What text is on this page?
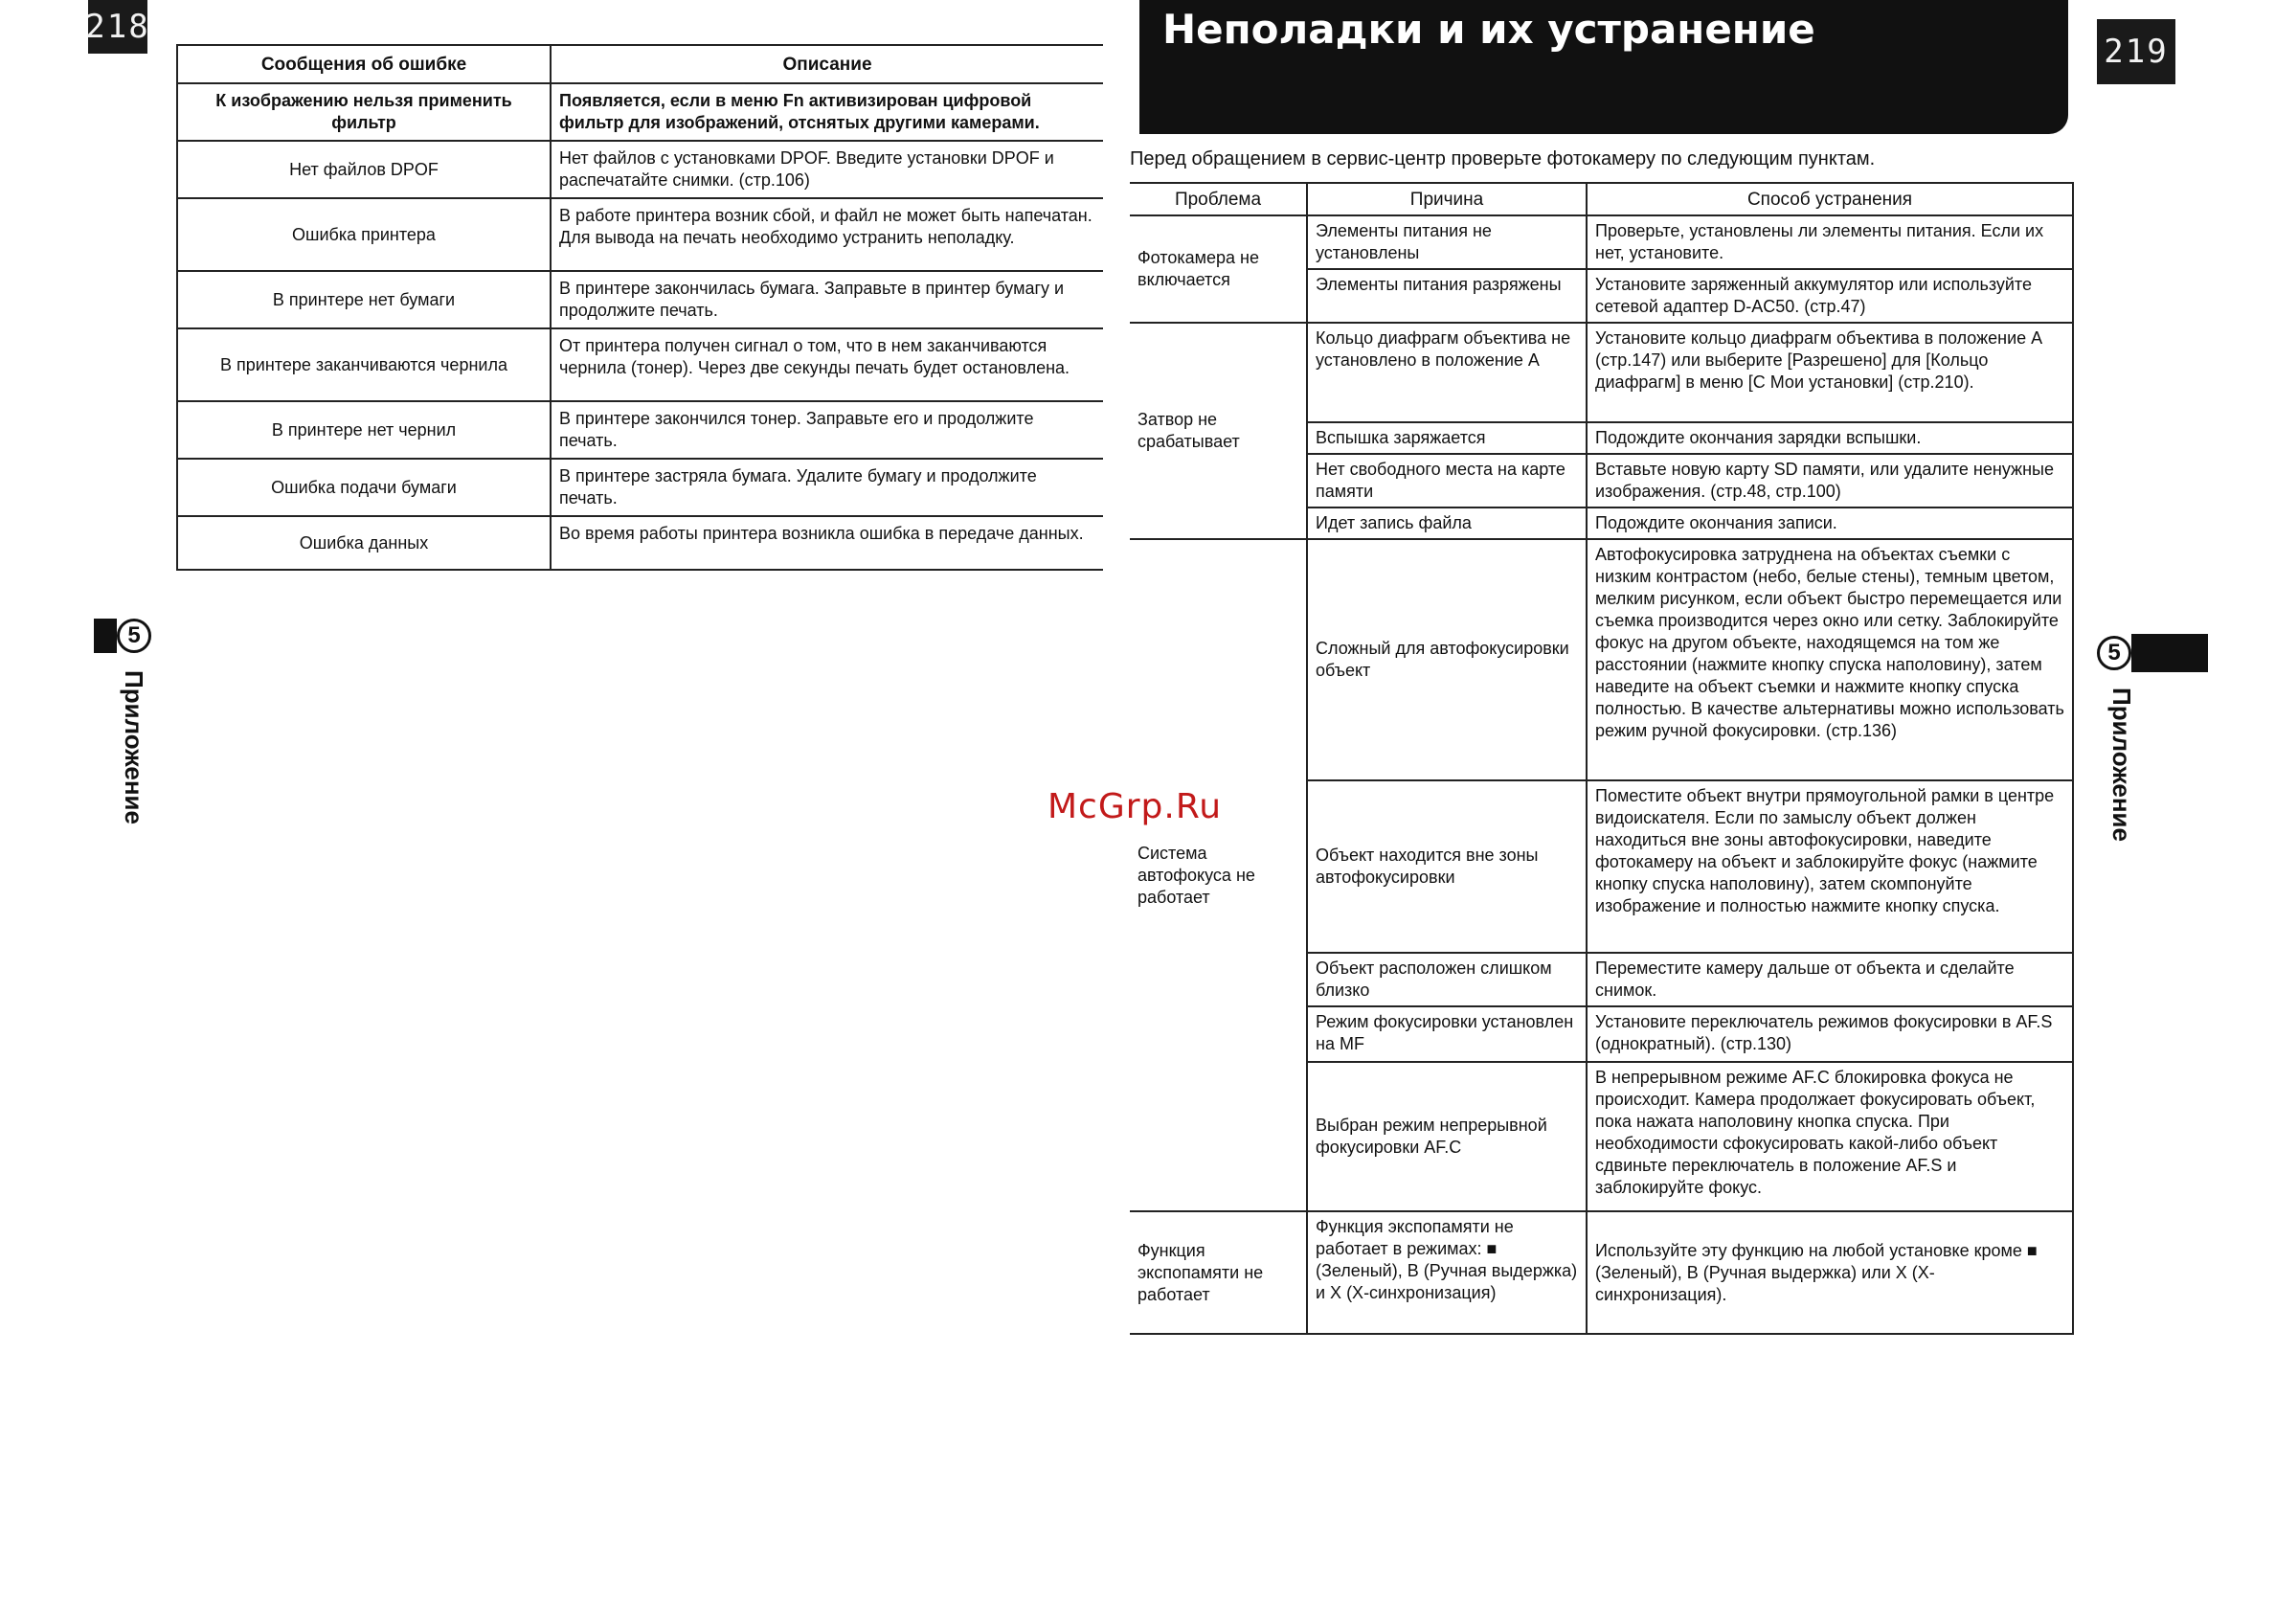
218
219
Сообщения об ошибке	Описание
К изображению нельзя применить фильтр	Появляется, если в меню Fn активизирован цифровой фильтр для изображений, отснятых другими камерами.
Нет файлов DPOF	Нет файлов с установками DPOF. Введите установки DPOF и распечатайте снимки. (стр.106)
Ошибка принтера	В работе принтера возник сбой, и файл не может быть напечатан. Для вывода на печать необходимо устранить неполадку.
В принтере нет бумаги	В принтере закончилась бумага. Заправьте в принтер бумагу и продолжите печать.
В принтере заканчиваются чернила	От принтера получен сигнал о том, что в нем заканчиваются чернила (тонер). Через две секунды печать будет остановлена.
В принтере нет чернил	В принтере закончился тонер. Заправьте его и продолжите печать.
Ошибка подачи бумаги	В принтере застряла бумага. Удалите бумагу и продолжите печать.
Ошибка данных	Во время работы принтера возникла ошибка в передаче данных.
Неполадки и их устранение
Перед обращением в сервис-центр проверьте фотокамеру по следующим пунктам.
Проблема	Причина	Способ устранения
Фотокамера не включается	Элементы питания не установлены	Проверьте, установлены ли элементы питания. Если их нет, установите.
	Элементы питания разряжены	Установите заряженный аккумулятор или используйте сетевой адаптер D-AC50. (стр.47)
Затвор не срабатывает	Кольцо диафрагм объектива не установлено в положение A	Установите кольцо диафрагм объектива в положение A (стр.147) или выберите [Разрешено] для [Кольцо диафрагм] в меню [C Мои установки] (стр.210).
	Вспышка заряжается	Подождите окончания зарядки вспышки.
	Нет свободного места на карте памяти	Вставьте новую карту SD памяти, или удалите ненужные изображения. (стр.48, стр.100)
	Идет запись файла	Подождите окончания записи.
Система автофокуса не работает	Сложный для автофокусировки объект	Автофокусировка затруднена на объектах съемки с низким контрастом (небо, белые стены), темным цветом, мелким рисунком, если объект быстро перемещается или съемка производится через окно или сетку. Заблокируйте фокус на другом объекте, находящемся на том же расстоянии (нажмите кнопку спуска наполовину), затем наведите на объект съемки и нажмите кнопку спуска полностью. В качестве альтернативы можно использовать режим ручной фокусировки. (стр.136)
	Объект находится вне зоны автофокусировки	Поместите объект внутри прямоугольной рамки в центре видоискателя. Если по замыслу объект должен находиться вне зоны автофокусировки, наведите фотокамеру на объект и заблокируйте фокус (нажмите кнопку спуска наполовину), затем скомпонуйте изображение и полностью нажмите кнопку спуска.
	Объект расположен слишком близко	Переместите камеру дальше от объекта и сделайте снимок.
	Режим фокусировки установлен на MF	Установите переключатель режимов фокусировки в AF.S (однократный). (стр.130)
	Выбран режим непрерывной фокусировки AF.C	В непрерывном режиме AF.C блокировка фокуса не происходит. Камера продолжает фокусировать объект, пока нажата наполовину кнопка спуска. При необходимости сфокусировать какой-либо объект сдвиньте переключатель в положение AF.S и заблокируйте фокус.
Функция экспопамяти не работает	Функция экспопамяти не работает в режимах: ■ (Зеленый), B (Ручная выдержка) и X (X-синхронизация)	Используйте эту функцию на любой установке кроме ■ (Зеленый), B (Ручная выдержка) или X (X-синхронизация).
5
Приложение
5
Приложение
McGrp.Ru
